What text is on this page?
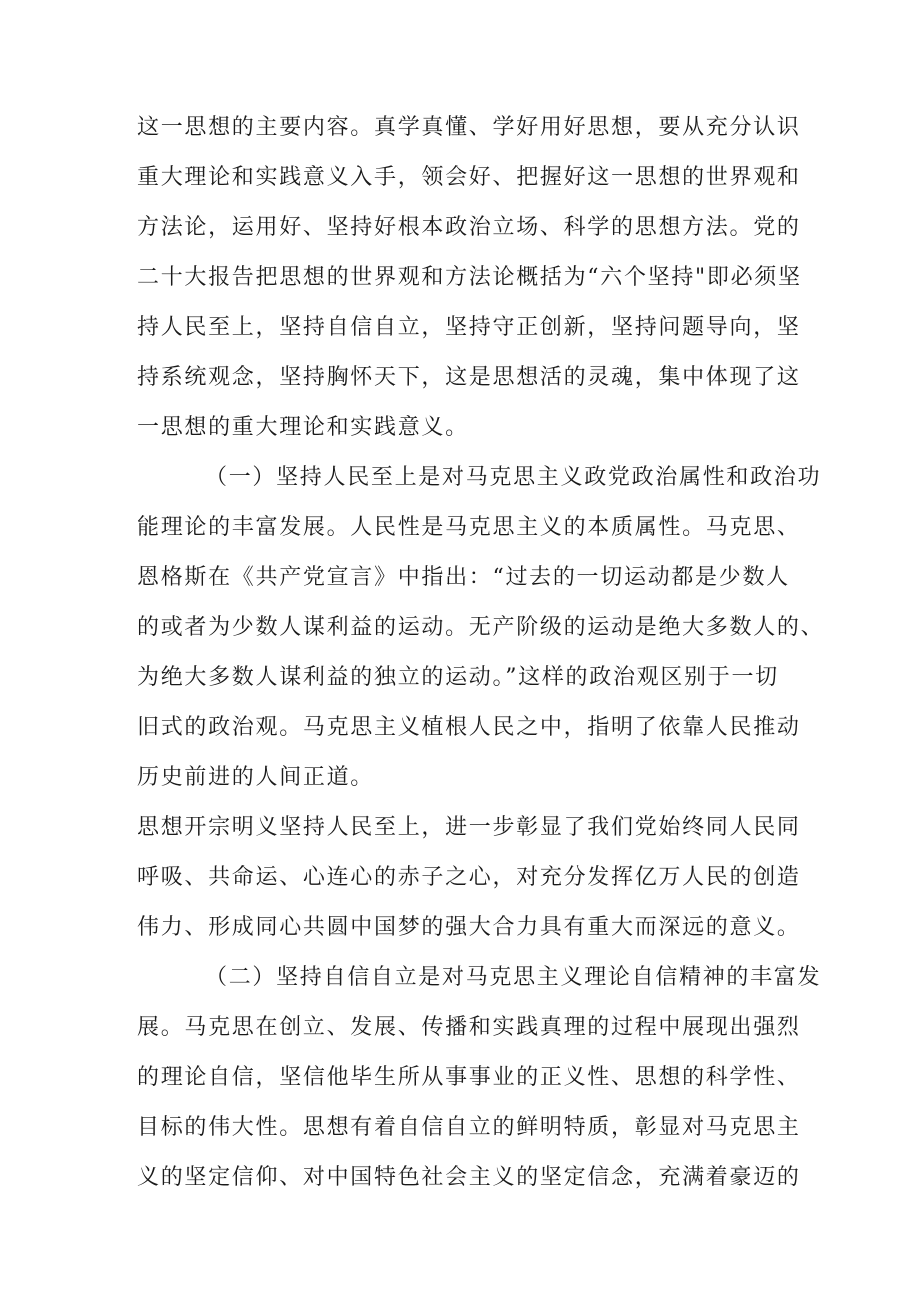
这一思想的主要内容。真学真懂、学好用好思想，要从充分认识
重大理论和实践意义入手，领会好、把握好这一思想的世界观和
方法论，运用好、坚持好根本政治立场、科学的思想方法。党的
二十大报告把思想的世界观和方法论概括为“六个坚持"即必须坚
持人民至上，坚持自信自立，坚持守正创新，坚持问题导向，坚
持系统观念，坚持胸怀天下，这是思想活的灵魂，集中体现了这
一思想的重大理论和实践意义。
（一）坚持人民至上是对马克思主义政党政治属性和政治功
能理论的丰富发展。人民性是马克思主义的本质属性。马克思、
恩格斯在《共产党宣言》中指出：“过去的一切运动都是少数人
的或者为少数人谋利益的运动。无产阶级的运动是绝大多数人的、
为绝大多数人谋利益的独立的运动。”这样的政治观区别于一切
旧式的政治观。马克思主义植根人民之中，指明了依靠人民推动
历史前进的人间正道。
思想开宗明义坚持人民至上，进一步彰显了我们党始终同人民同
呼吸、共命运、心连心的赤子之心，对充分发挥亿万人民的创造
伟力、形成同心共圆中国梦的强大合力具有重大而深远的意义。
（二）坚持自信自立是对马克思主义理论自信精神的丰富发
展。马克思在创立、发展、传播和实践真理的过程中展现出强烈
的理论自信，坚信他毕生所从事事业的正义性、思想的科学性、
目标的伟大性。思想有着自信自立的鲜明特质，彰显对马克思主
义的坚定信仰、对中国特色社会主义的坚定信念，充满着豪迈的
